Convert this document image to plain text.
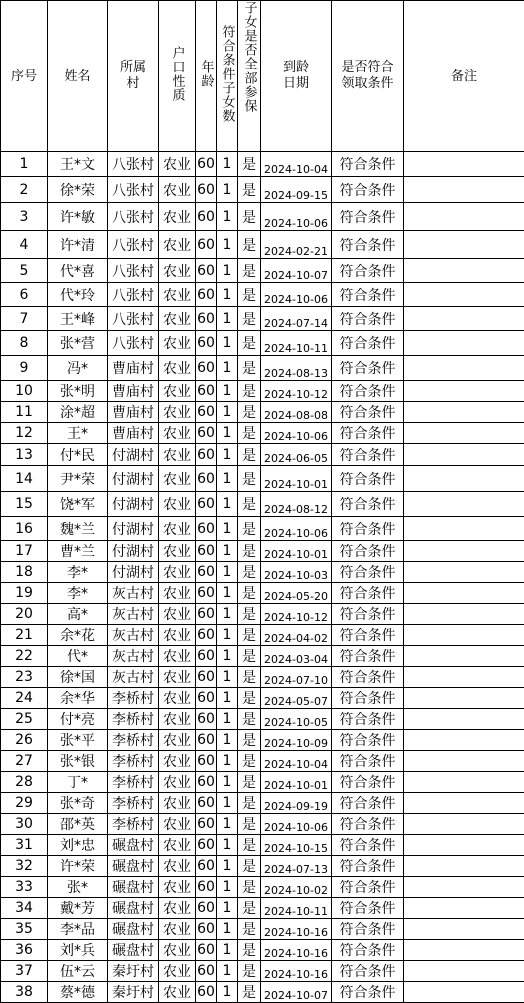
序号	姓名	所属村	户口性质	年龄	符合条件子女数	子女是否全部参保	到龄日期	是否符合领取条件	备注
1	王*文	八张村	农业	60	1	是	2024-10-04	符合条件	
2	徐*荣	八张村	农业	60	1	是	2024-09-15	符合条件	
3	许*敏	八张村	农业	60	1	是	2024-10-06	符合条件	
4	许*清	八张村	农业	60	1	是	2024-02-21	符合条件	
5	代*喜	八张村	农业	60	1	是	2024-10-07	符合条件	
6	代*玲	八张村	农业	60	1	是	2024-10-06	符合条件	
7	王*峰	八张村	农业	60	1	是	2024-07-14	符合条件	
8	张*营	八张村	农业	60	1	是	2024-10-11	符合条件	
9	冯*	曹庙村	农业	60	1	是	2024-08-13	符合条件	
10	张*明	曹庙村	农业	60	1	是	2024-10-12	符合条件	
11	涂*超	曹庙村	农业	60	1	是	2024-08-08	符合条件	
12	王*	曹庙村	农业	60	1	是	2024-10-06	符合条件	
13	付*民	付湖村	农业	60	1	是	2024-06-05	符合条件	
14	尹*荣	付湖村	农业	60	1	是	2024-10-01	符合条件	
15	饶*军	付湖村	农业	60	1	是	2024-08-12	符合条件	
16	魏*兰	付湖村	农业	60	1	是	2024-10-06	符合条件	
17	曹*兰	付湖村	农业	60	1	是	2024-10-01	符合条件	
18	李*	付湖村	农业	60	1	是	2024-10-03	符合条件	
19	李*	灰古村	农业	60	1	是	2024-05-20	符合条件	
20	高*	灰古村	农业	60	1	是	2024-10-12	符合条件	
21	余*花	灰古村	农业	60	1	是	2024-04-02	符合条件	
22	代*	灰古村	农业	60	1	是	2024-03-04	符合条件	
23	徐*国	灰古村	农业	60	1	是	2024-07-10	符合条件	
24	余*华	李桥村	农业	60	1	是	2024-05-07	符合条件	
25	付*亮	李桥村	农业	60	1	是	2024-10-05	符合条件	
26	张*平	李桥村	农业	60	1	是	2024-10-09	符合条件	
27	张*银	李桥村	农业	60	1	是	2024-10-04	符合条件	
28	丁*	李桥村	农业	60	1	是	2024-10-01	符合条件	
29	张*奇	李桥村	农业	60	1	是	2024-09-19	符合条件	
30	邵*英	李桥村	农业	60	1	是	2024-10-06	符合条件	
31	刘*忠	碾盘村	农业	60	1	是	2024-10-15	符合条件	
32	许*荣	碾盘村	农业	60	1	是	2024-07-13	符合条件	
33	张*	碾盘村	农业	60	1	是	2024-10-02	符合条件	
34	戴*芳	碾盘村	农业	60	1	是	2024-10-11	符合条件	
35	李*品	碾盘村	农业	60	1	是	2024-10-16	符合条件	
36	刘*兵	碾盘村	农业	60	1	是	2024-10-16	符合条件	
37	伍*云	秦圩村	农业	60	1	是	2024-10-16	符合条件	
38	蔡*德	秦圩村	农业	60	1	是	2024-10-07	符合条件	
